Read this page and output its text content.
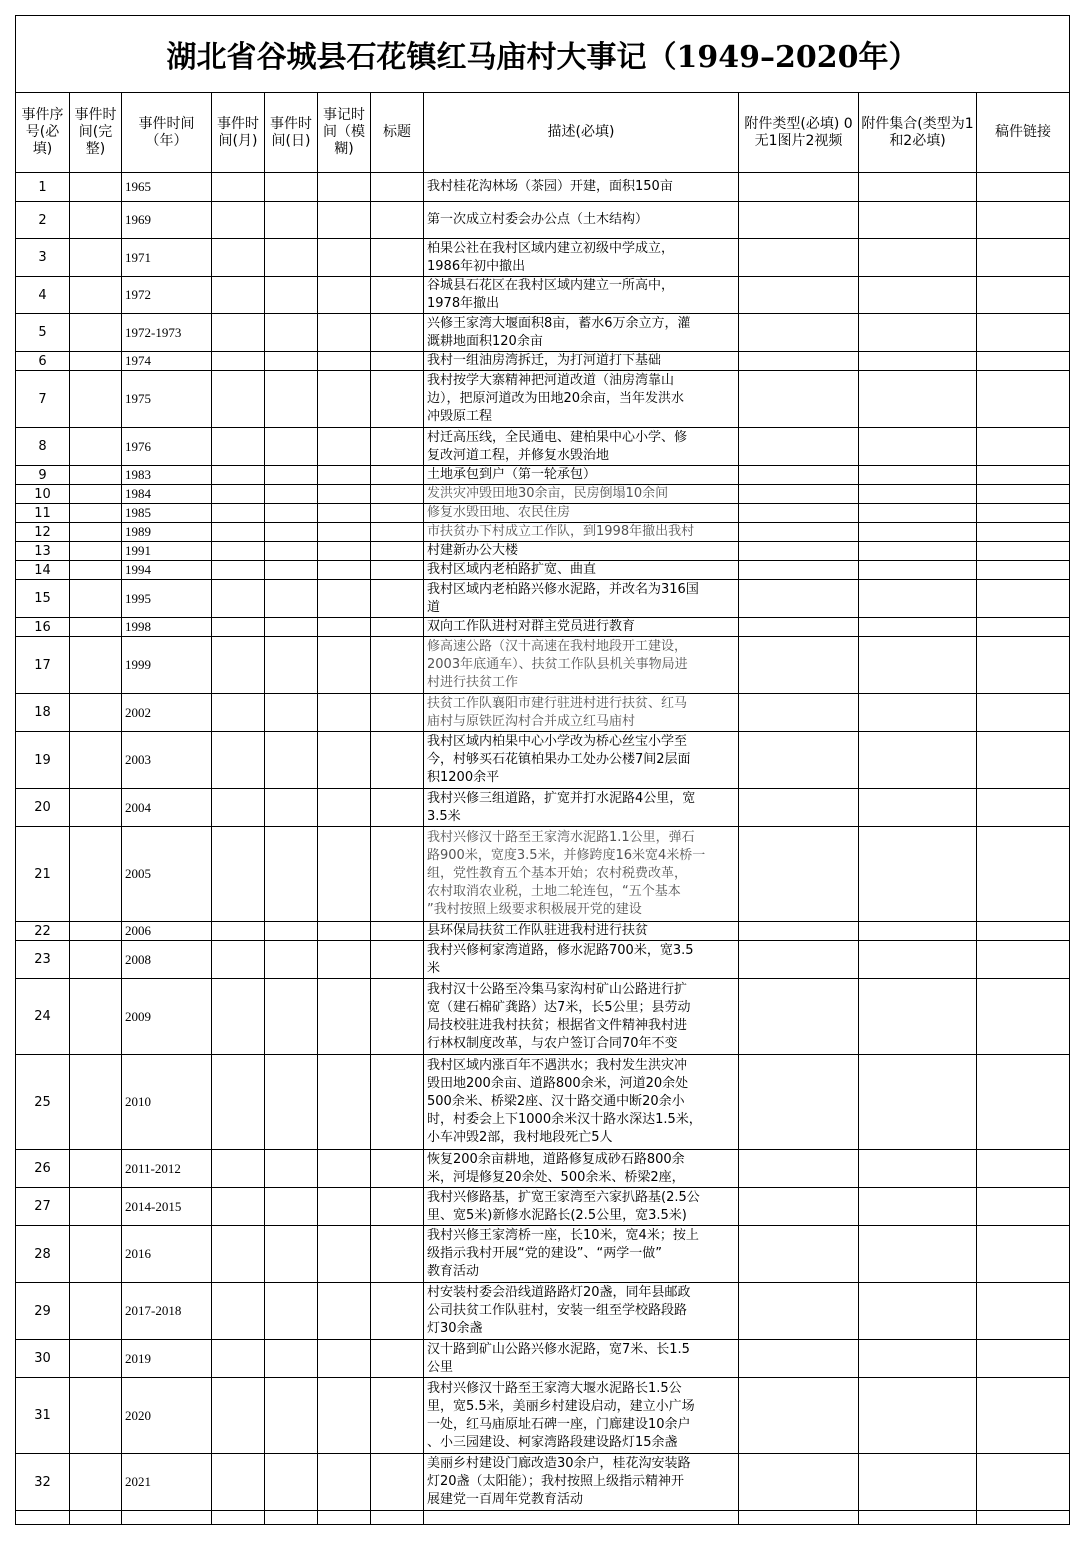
湖北省谷城县石花镇红马庙村大事记（1949–2020年）										
事件序号(必填)	事件时间(完整)	事件时间（年）	事件时间(月)	事件时间(日)	事记时间（模糊)	标题	描述(必填)	附件类型(必填) 0无1图片2视频	附件集合(类型为1和2必填)	稿件链接
1		1965					我村桂花沟林场（茶园）开建，面积150亩			

2		1969					第一次成立村委会办公点（土木结构）			

3		1971					柏果公社在我村区域内建立初级中学成立，
1986年初中撤出			

4		1972					谷城县石花区在我村区域内建立一所高中，
1978年撤出			

5		1972-1973					兴修王家湾大堰面积8亩，蓄水6万余立方，灌
溉耕地面积120余亩			

6		1974					我村一组油房湾拆迁，为打河道打下基础			

7		1975					我村按学大寨精神把河道改道（油房湾靠山
边），把原河道改为田地20余亩，当年发洪水
冲毁原工程			

8		1976					村迁高压线，全民通电、建柏果中心小学、修
复改河道工程，并修复水毁治地			

9		1983					土地承包到户（第一轮承包）			

10		1984					发洪灾冲毁田地30余亩，民房倒塌10余间			

11		1985					修复水毁田地、农民住房			

12		1989					市扶贫办下村成立工作队，到1998年撤出我村			

13		1991					村建新办公大楼			

14		1994					我村区域内老柏路扩宽、曲直			

15		1995					我村区域内老柏路兴修水泥路，并改名为316国
道			

16		1998					双向工作队进村对群主党员进行教育			

17		1999					修高速公路（汉十高速在我村地段开工建设，
2003年底通车）、扶贫工作队县机关事物局进
村进行扶贫工作			

18		2002					扶贫工作队襄阳市建行驻进村进行扶贫、红马
庙村与原铁匠沟村合并成立红马庙村			

19		2003					我村区域内柏果中心小学改为桥心丝宝小学至
今，村够买石花镇柏果办工处办公楼7间2层面
积1200余平			

20		2004					我村兴修三组道路，扩宽并打水泥路4公里，宽
3.5米			

21		2005					我村兴修汉十路至王家湾水泥路1.1公里，弹石
路900米，宽度3.5米，并修跨度16米宽4米桥一
组，党性教育五个基本开始；农村税费改革，
农村取消农业税，土地二轮连包，“五个基本
”我村按照上级要求积极展开党的建设			

22		2006					县环保局扶贫工作队驻进我村进行扶贫			

23		2008					我村兴修柯家湾道路，修水泥路700米，宽3.5
米			

24		2009					我村汉十公路至冷集马家沟村矿山公路进行扩
宽（建石棉矿龚路）达7米，长5公里；县劳动
局技校驻进我村扶贫；根据省文件精神我村进
行林权制度改革，与农户签订合同70年不变			

25		2010					我村区域内涨百年不遇洪水；我村发生洪灾冲
毁田地200余亩、道路800余米，河道20余处
500余米、桥梁2座、汉十路交通中断20余小
时，村委会上下1000余米汉十路水深达1.5米，
小车冲毁2部，我村地段死亡5人			

26		2011-2012					恢复200余亩耕地，道路修复成砂石路800余
米，河堤修复20余处、500余米、桥梁2座，			

27		2014-2015					我村兴修路基，扩宽王家湾至六家扒路基(2.5公
里、宽5米)新修水泥路长(2.5公里，宽3.5米)			

28		2016					我村兴修王家湾桥一座，长10米，宽4米；按上
级指示我村开展“党的建设”、“两学一做”
教育活动			

29		2017-2018					村安装村委会沿线道路路灯20盏，同年县邮政
公司扶贫工作队驻村，安装一组至学校路段路
灯30余盏			

30		2019					汉十路到矿山公路兴修水泥路，宽7米、长1.5
公里			

31		2020					我村兴修汉十路至王家湾大堰水泥路长1.5公
里，宽5.5米，美丽乡村建设启动，建立小广场
一处，红马庙原址石碑一座，门廊建设10余户
、小三园建设、柯家湾路段建设路灯15余盏			

32		2021					美丽乡村建设门廊改造30余户，桂花沟安装路
灯20盏（太阳能）；我村按照上级指示精神开
展建党一百周年党教育活动			
